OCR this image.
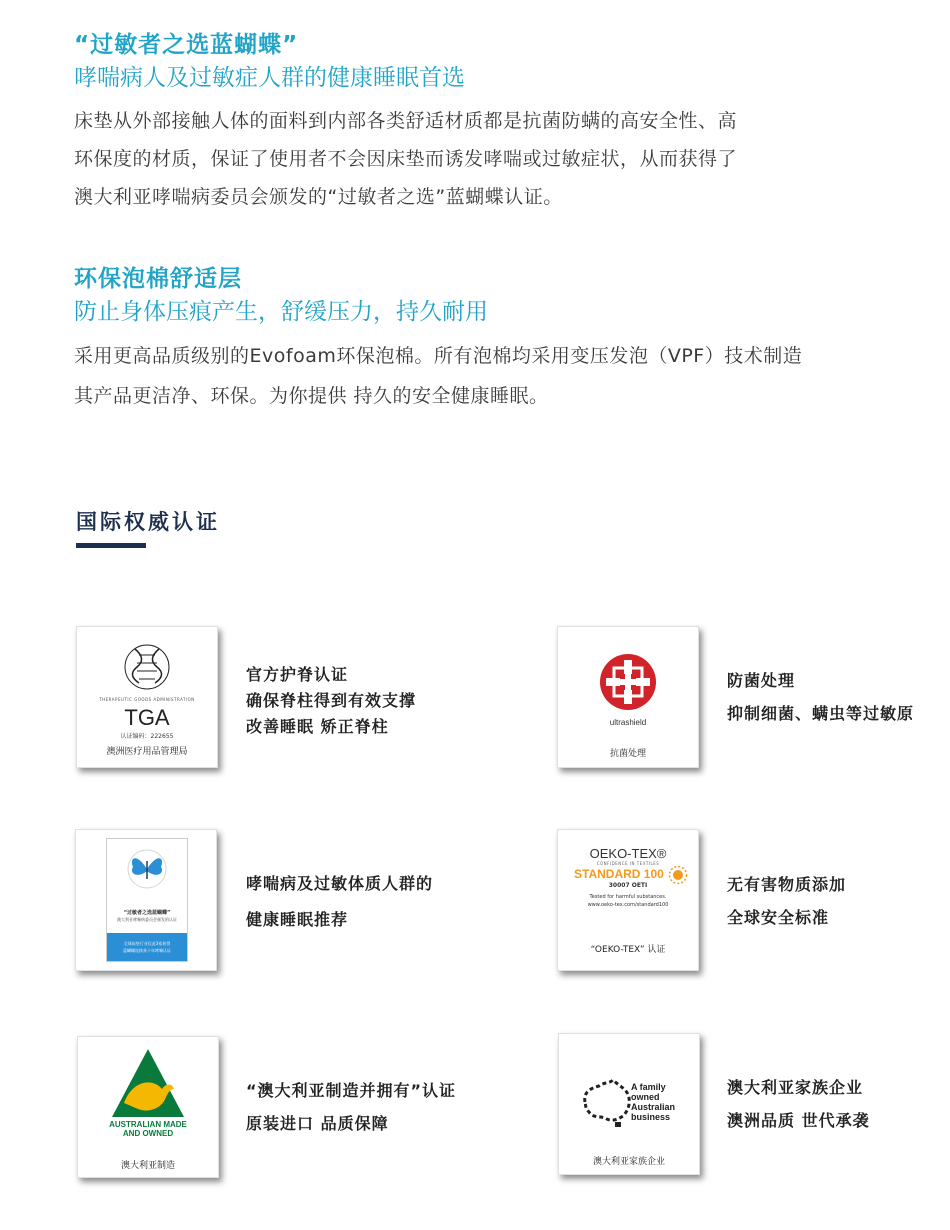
“过敏者之选蓝蝴蝶”
哮喘病人及过敏症人群的健康睡眠首选
床垫从外部接触人体的面料到内部各类舒适材质都是抗菌防螨的高安全性、高
环保度的材质，保证了使用者不会因床垫而诱发哮喘或过敏症状，从而获得了
澳大利亚哮喘病委员会颁发的“过敏者之选”蓝蝴蝶认证。
环保泡棉舒适层
防止身体压痕产生，舒缓压力，持久耐用
采用更高品质级别的Evofoam环保泡棉。所有泡棉均采用变压发泡（VPF）技术制造
其产品更洁净、环保。为你提供 持久的安全健康睡眠。
国际权威认证
TGA
THERAPEUTIC GOODS ADMINISTRATION
认证编码：222655
澳洲医疗用品管理局
官方护脊认证
确保脊柱得到有效支撑
改善睡眠 矫正脊柱	ultrashield
抗菌处理
防菌处理
抑制细菌、螨虫等过敏原
“过敏者之选蓝蝴蝶”
澳大利亚哮喘病委员会颁发的认证
全球床垫行业仅此3家获得
蓝蝴蝶连续获十年哮喘认证
哮喘病及过敏体质人群的
健康睡眠推荐
OEKO-TEX®
CONFIDENCE IN TEXTILES
STANDARD 100
30007 OETI
Tested for harmful substances.
www.oeko-tex.com/standard100
“OEKO-TEX” 认证
无有害物质添加
全球安全标准
AUSTRALIAN MADE
AND OWNED
澳大利亚制造
“澳大利亚制造并拥有”认证
原装进口 品质保障
A family
owned
Australian
business
澳大利亚家族企业
澳大利亚家族企业
澳洲品质 世代承袭
